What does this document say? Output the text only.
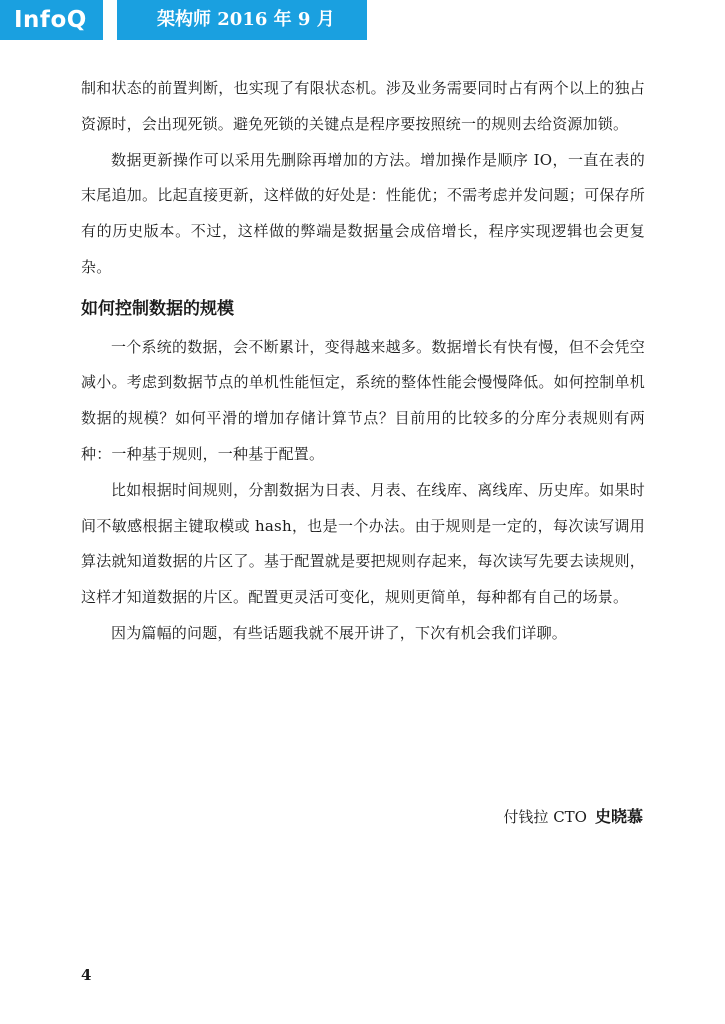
InfoQ	架构师 2016 年 9 月

制和状态的前置判断，也实现了有限状态机。涉及业务需要同时占有两个以上的独占资源时，会出现死锁。避免死锁的关键点是程序要按照统一的规则去给资源加锁。

数据更新操作可以采用先删除再增加的方法。增加操作是顺序 IO，一直在表的末尾追加。比起直接更新，这样做的好处是：性能优；不需考虑并发问题；可保存所有的历史版本。不过，这样做的弊端是数据量会成倍增长，程序实现逻辑也会更复杂。

如何控制数据的规模

一个系统的数据，会不断累计，变得越来越多。数据增长有快有慢，但不会凭空减小。考虑到数据节点的单机性能恒定，系统的整体性能会慢慢降低。如何控制单机数据的规模？如何平滑的增加存储计算节点？目前用的比较多的分库分表规则有两种：一种基于规则，一种基于配置。

比如根据时间规则，分割数据为日表、月表、在线库、离线库、历史库。如果时间不敏感根据主键取模或 hash，也是一个办法。由于规则是一定的，每次读写调用算法就知道数据的片区了。基于配置就是要把规则存起来，每次读写先要去读规则，这样才知道数据的片区。配置更灵活可变化，规则更简单，每种都有自己的场景。

因为篇幅的问题，有些话题我就不展开讲了，下次有机会我们详聊。

付钱拉 CTO 史晓慕
4
